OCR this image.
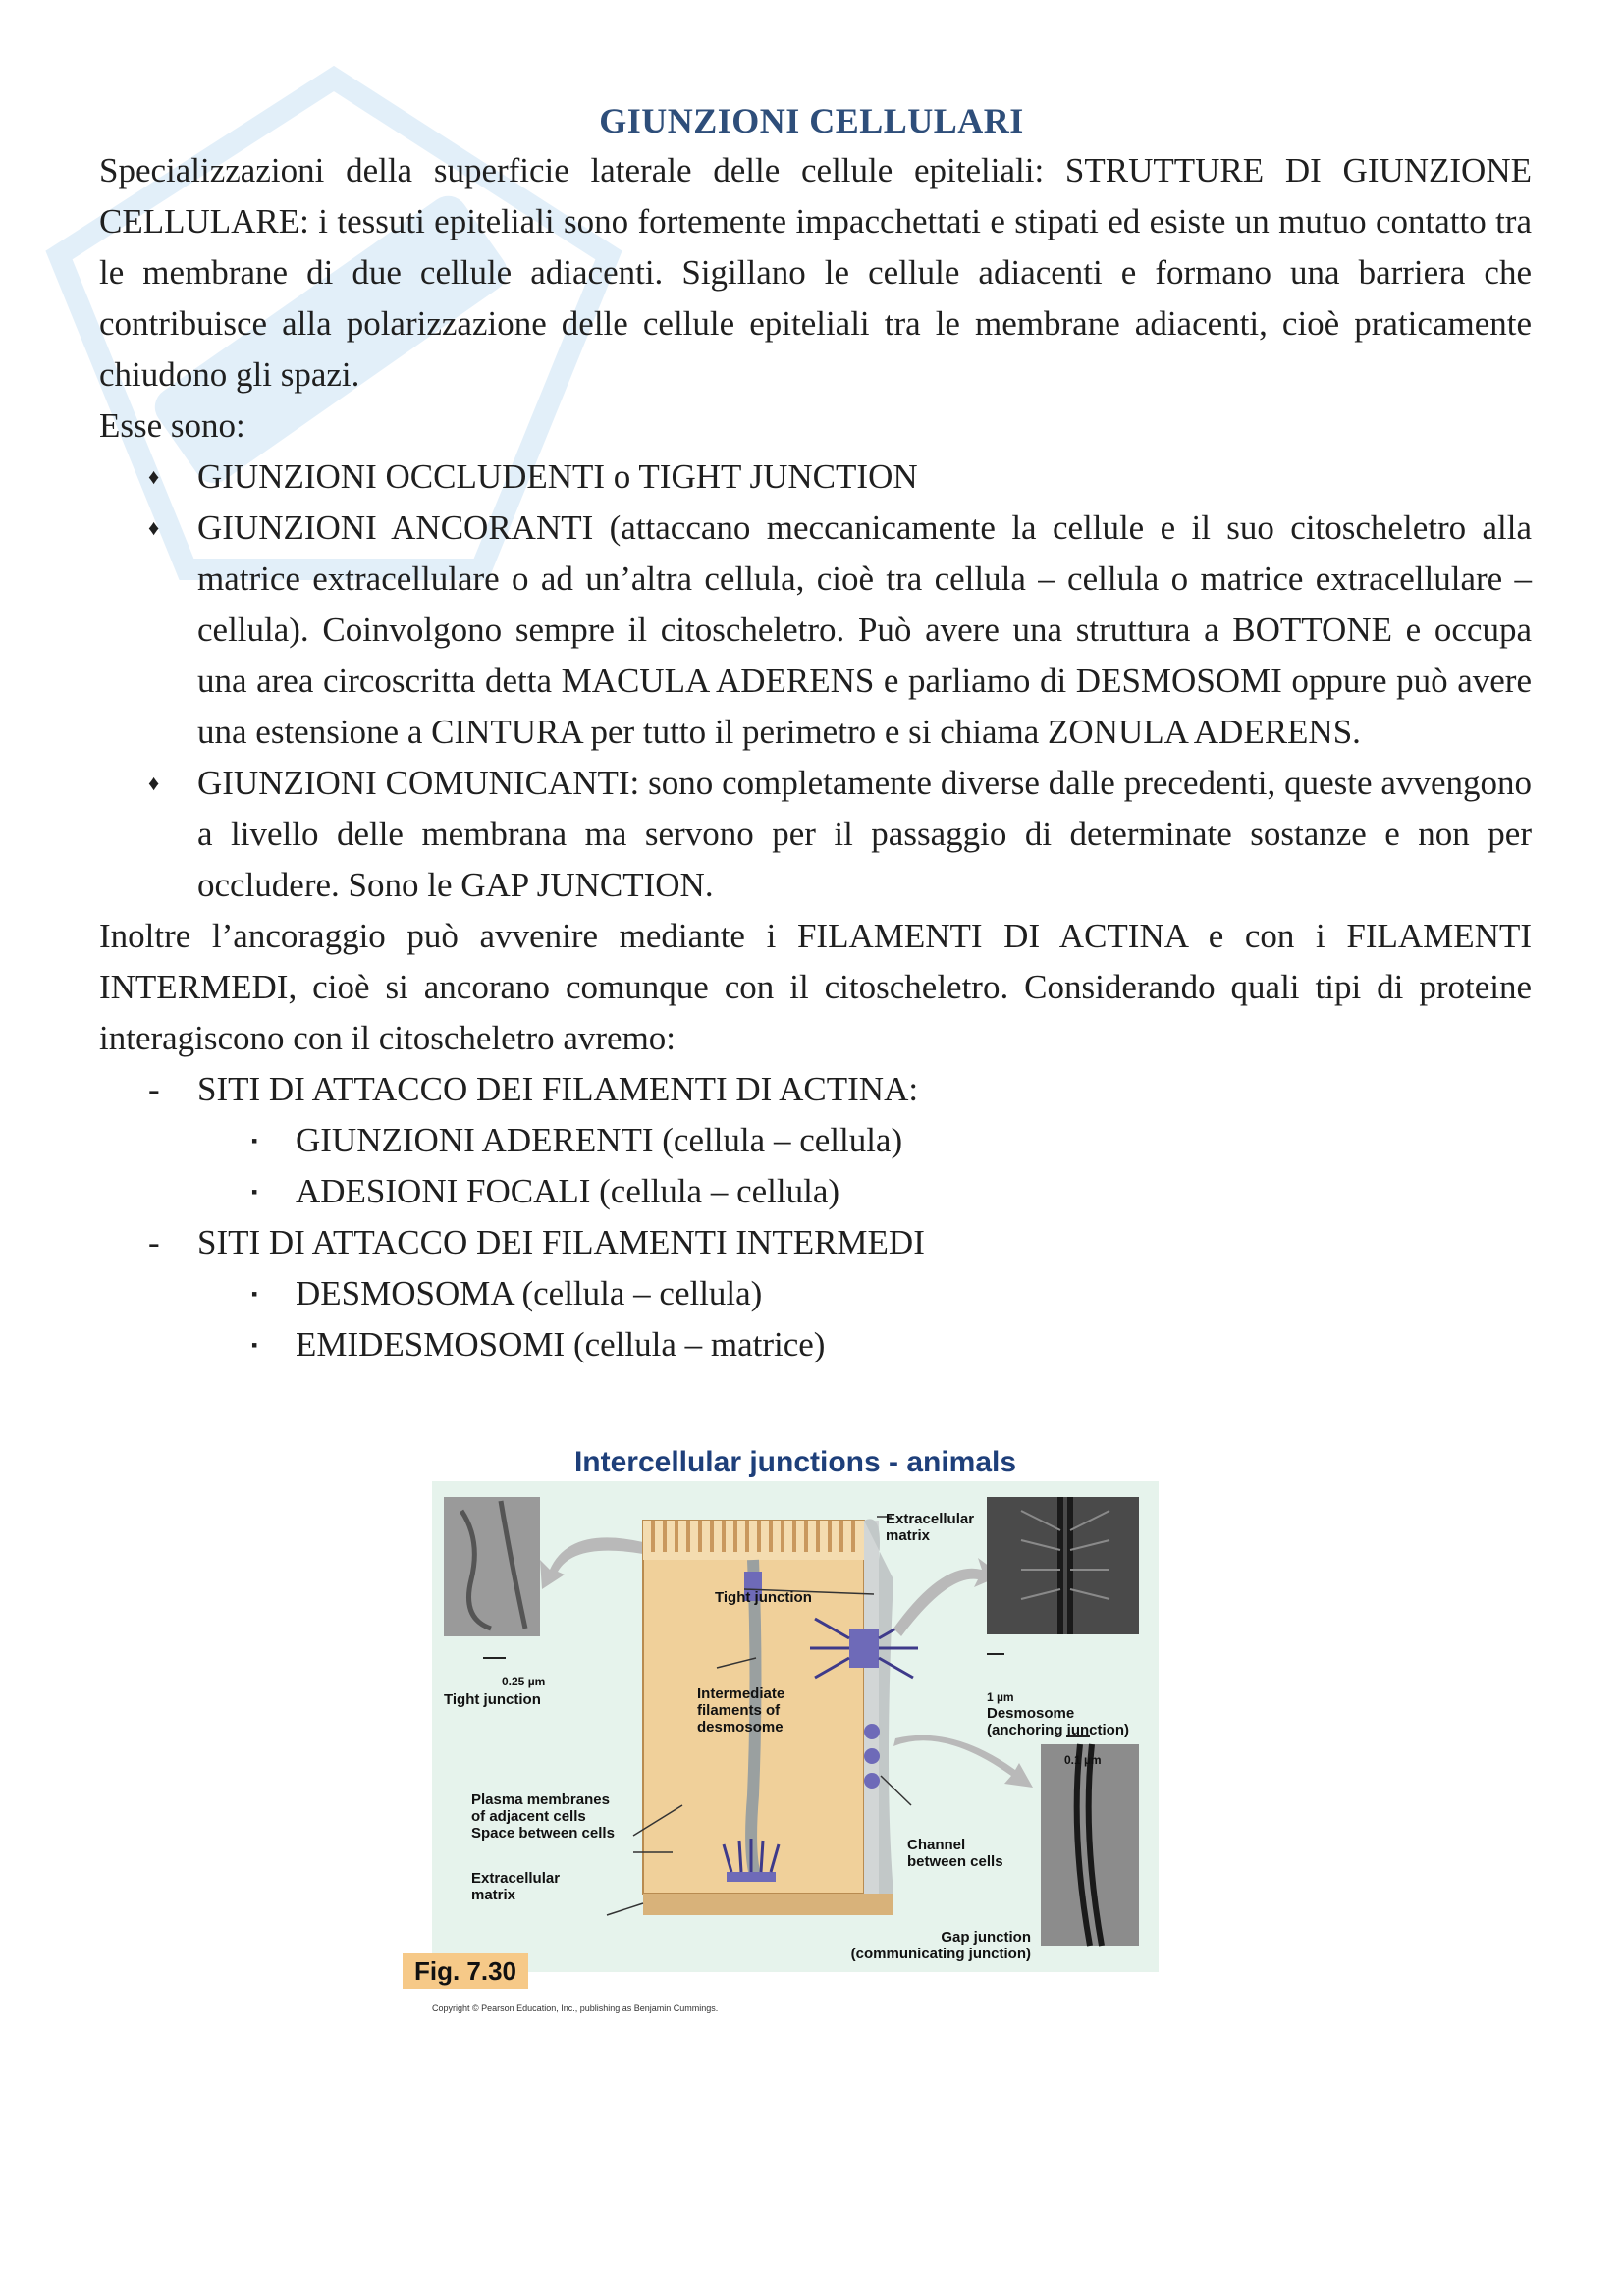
GIUNZIONI CELLULARI

Specializzazioni della superficie laterale delle cellule epiteliali: STRUTTURE DI GIUNZIONE CELLULARE: i tessuti epiteliali sono fortemente impacchettati e stipati ed esiste un mutuo contatto tra le membrane di due cellule adiacenti. Sigillano le cellule adiacenti e formano una barriera che contribuisce alla polarizzazione delle cellule epiteliali tra le membrane adiacenti, cioè praticamente chiudono gli spazi.

Esse sono:

♦ GIUNZIONI OCCLUDENTI o TIGHT JUNCTION
♦ GIUNZIONI ANCORANTI (attaccano meccanicamente la cellule e il suo citoscheletro alla matrice extracellulare o ad un’altra cellula, cioè tra cellula – cellula o matrice extracellulare – cellula). Coinvolgono sempre il citoscheletro. Può avere una struttura a BOTTONE e occupa una area circoscritta detta MACULA ADERENS e parliamo di DESMOSOMI oppure può avere una estensione a CINTURA per tutto il perimetro e si chiama ZONULA ADERENS.
♦ GIUNZIONI COMUNICANTI: sono completamente diverse dalle precedenti, queste avvengono a livello delle membrana ma servono per il passaggio di determinate sostanze e non per occludere. Sono le GAP JUNCTION.

Inoltre l’ancoraggio può avvenire mediante i FILAMENTI DI ACTINA e con i FILAMENTI INTERMEDI, cioè si ancorano comunque con il citoscheletro. Considerando quali tipi di proteine interagiscono con il citoscheletro avremo:

- SITI DI ATTACCO DEI FILAMENTI DI ACTINA:
▪ GIUNZIONI ADERENTI (cellula – cellula)
▪ ADESIONI FOCALI (cellula – cellula)
- SITI DI ATTACCO DEI FILAMENTI INTERMEDI
▪ DESMOSOMA (cellula – cellula)
▪ EMIDESMOSOMI (cellula – matrice)
Intercellular junctions - animals
Extracellular
matrix
Tight junction
0.25 µm
Tight junction	Intermediate
filaments of
desmosome
1 µm
Desmosome
(anchoring junction)
0.1 µm
Plasma membranes
of adjacent cells
Space between cells
Channel
between cells
Extracellular
matrix
Gap junction
(communicating junction)
Fig. 7.30
Copyright © Pearson Education, Inc., publishing as Benjamin Cummings.
